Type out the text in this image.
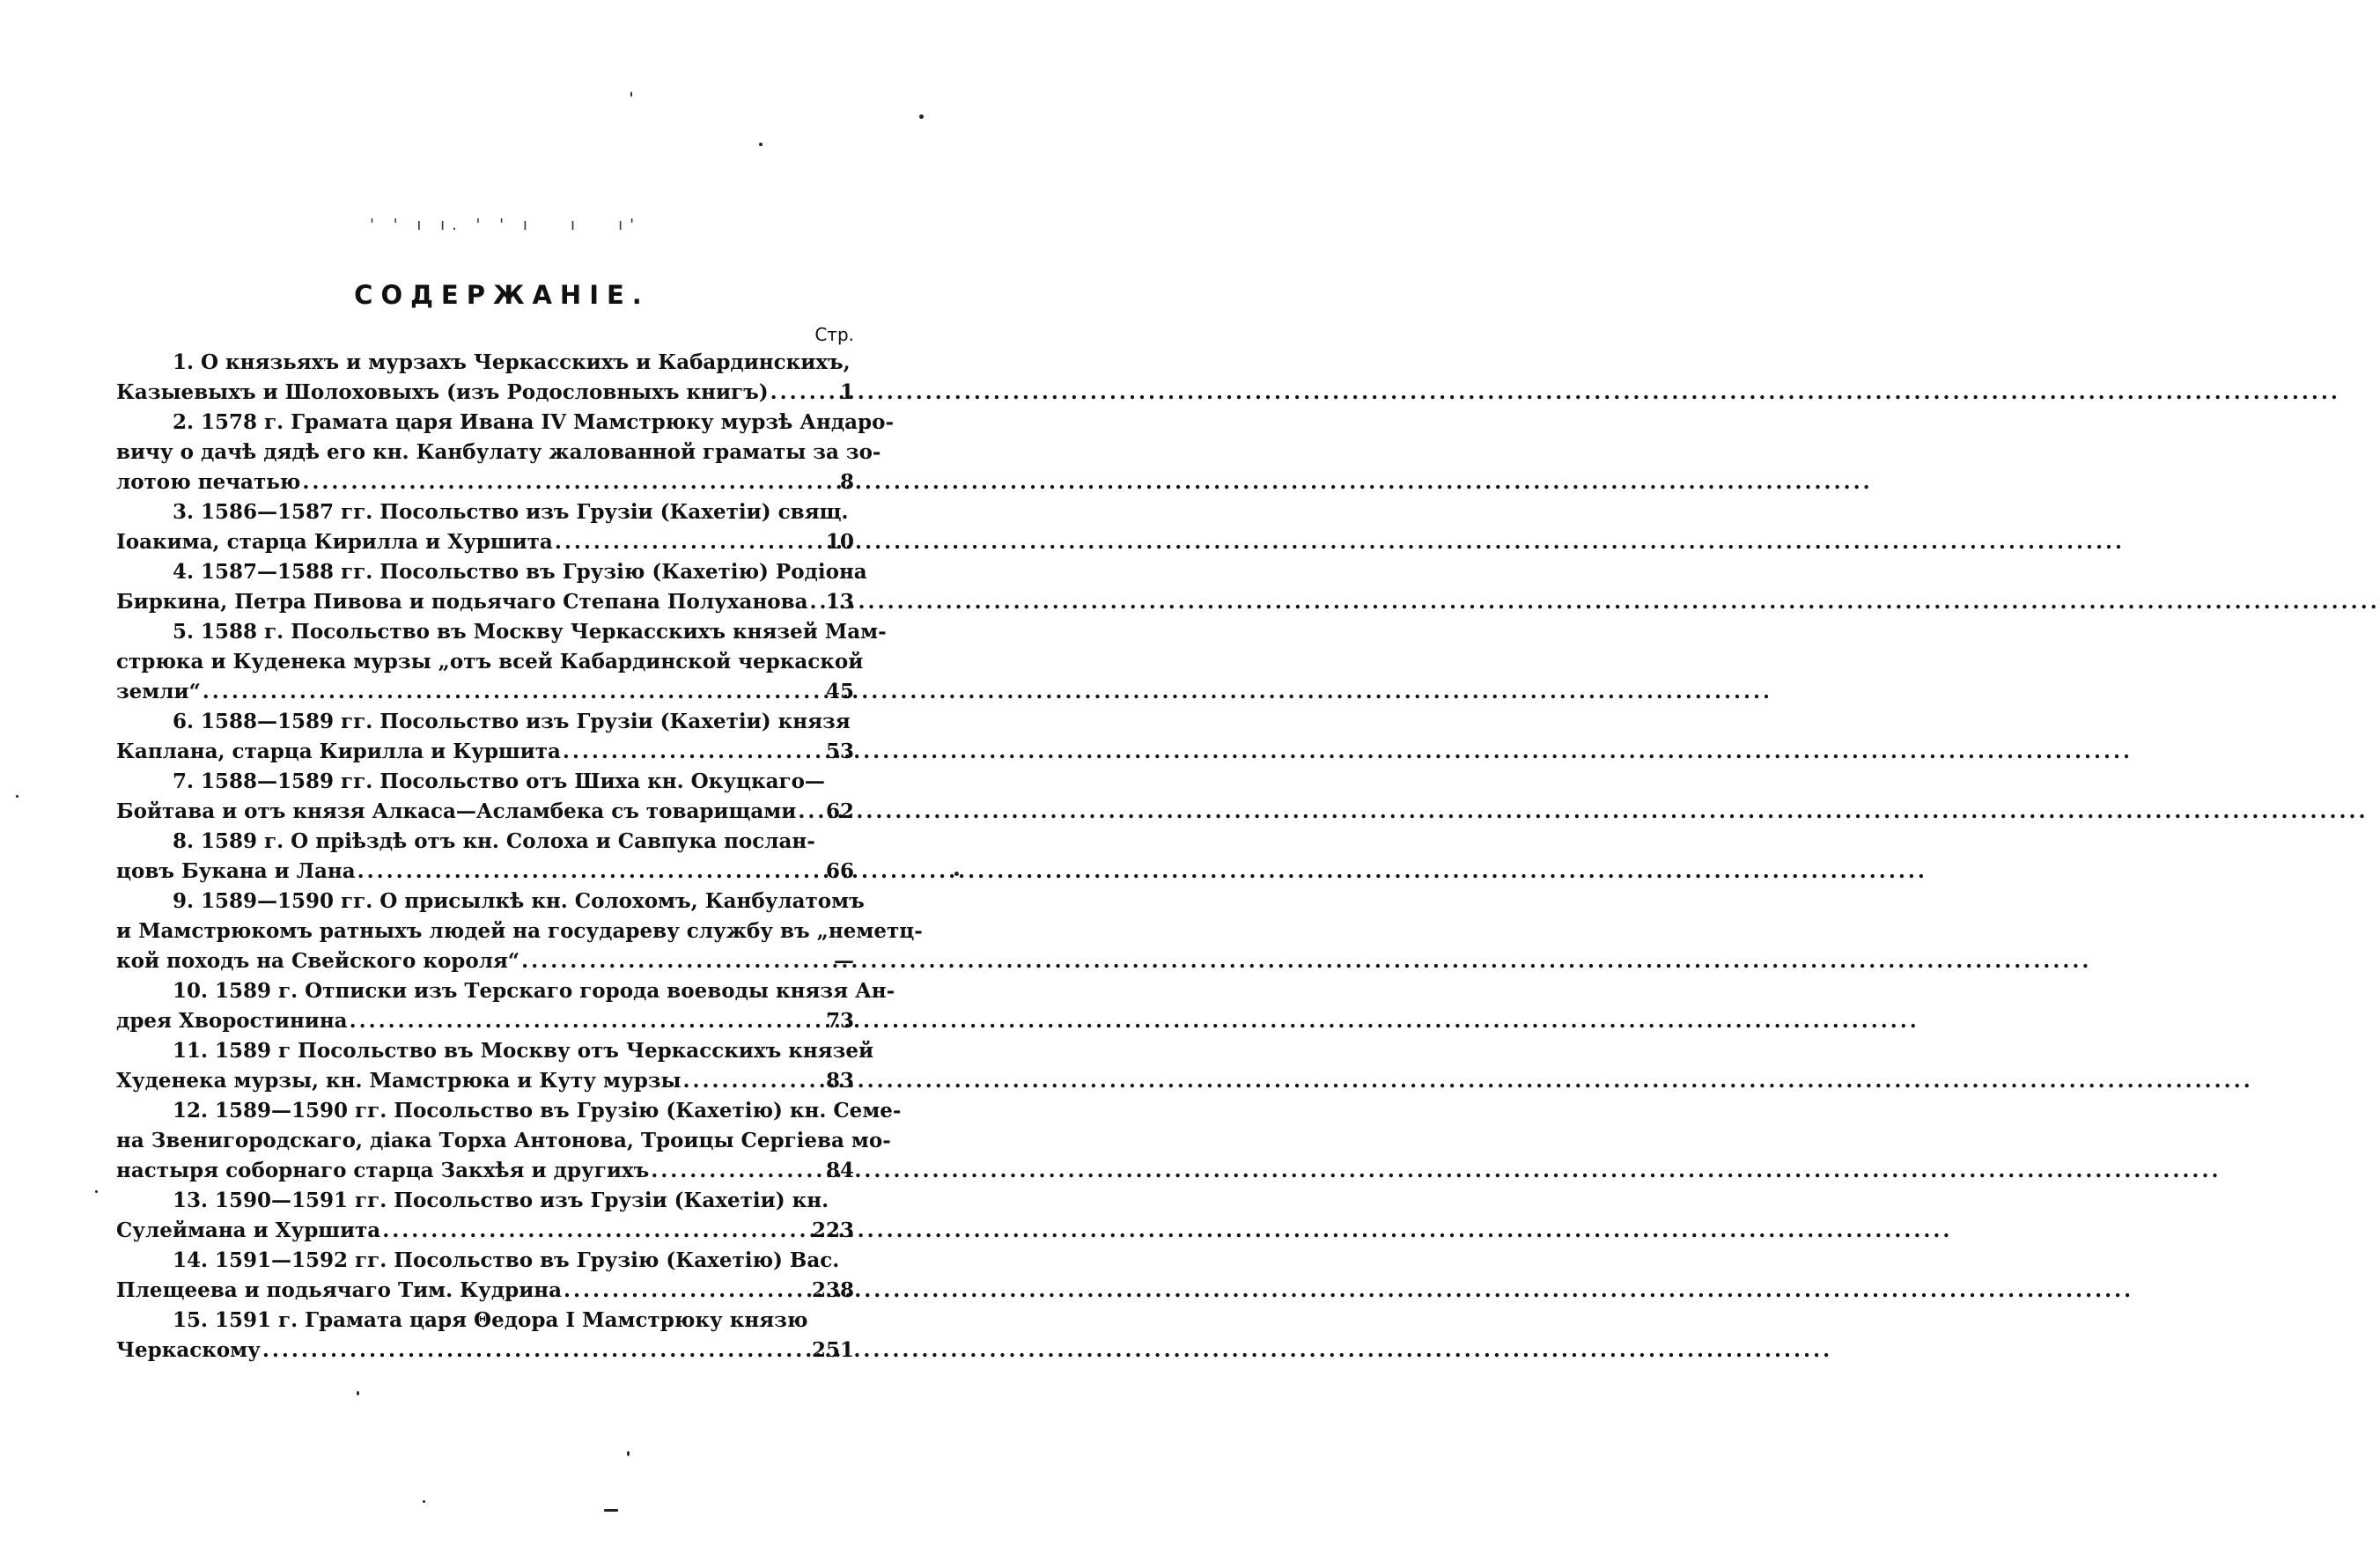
' ' ı ı. ' ' ı   ı   ı'
СОДЕРЖАНІЕ.
Стр.
1. О князьяхъ и мурзахъ Черкасскихъ и Кабардинскихъ,
Казыевыхъ и Шолоховыхъ (изъ Родословныхъ книгъ) .....	1
2. 1578 г. Грамата царя Ивана IV Мамстрюку мурзѣ Андаро-
вичу о дачѣ дядѣ его кн. Канбулату жалованной граматы за зо-
лотою печатью .....	8
3. 1586—1587 гг. Посольство изъ Грузіи (Кахетіи) свящ.
Іоакима, старца Кирилла и Хуршита .....	10
4. 1587—1588 гг. Посольство въ Грузію (Кахетію) Родіона
Биркина, Петра Пивова и подьячаго Степана Полуханова ..... 13
5. 1588 г. Посольство въ Москву Черкасскихъ князей Мам-
стрюка и Куденека мурзы „отъ всей Кабардинской черкаской
земли“ .....	45
6. 1588—1589 гг. Посольство изъ Грузіи (Кахетіи) князя
Каплана, старца Кирилла и Куршита .....	53
7. 1588—1589 гг. Посольство отъ Шиха кн. Окуцкаго—
Бойтава и отъ князя Алкаса—Асламбека съ товарищами .....	62
8. 1589 г. О пріѣздѣ отъ кн. Солоха и Савпука послан-
цовъ Букана и Лана .....	66
9. 1589—1590 гг. О присылкѣ кн. Солохомъ, Канбулатомъ
и Мамстрюкомъ ратныхъ людей на государеву службу въ „неметц-
кой походъ на Свейского короля“ .....	—
10. 1589 г. Отписки изъ Терскаго города воеводы князя Ан-
дрея Хворостинина .....	73
11. 1589 г Посольство въ Москву отъ Черкасскихъ князей
Худенека мурзы, кн. Мамстрюка и Куту мурзы .....	83
12. 1589—1590 гг. Посольство въ Грузію (Кахетію) кн. Семе-
на Звенигородскаго, діака Торха Антонова, Троицы Сергіева мо-
настыря соборнаго старца Закхѣя и другихъ .....	84
13. 1590—1591 гг. Посольство изъ Грузіи (Кахетіи) кн.
Сулеймана и Хуршита .....	223
14. 1591—1592 гг. Посольство въ Грузію (Кахетію) Вас.
Плещеева и подьячаго Тим. Кудрина .....	238
15. 1591 г. Грамата царя Θедора I Мамстрюку князю
Черкаскому .....	251
